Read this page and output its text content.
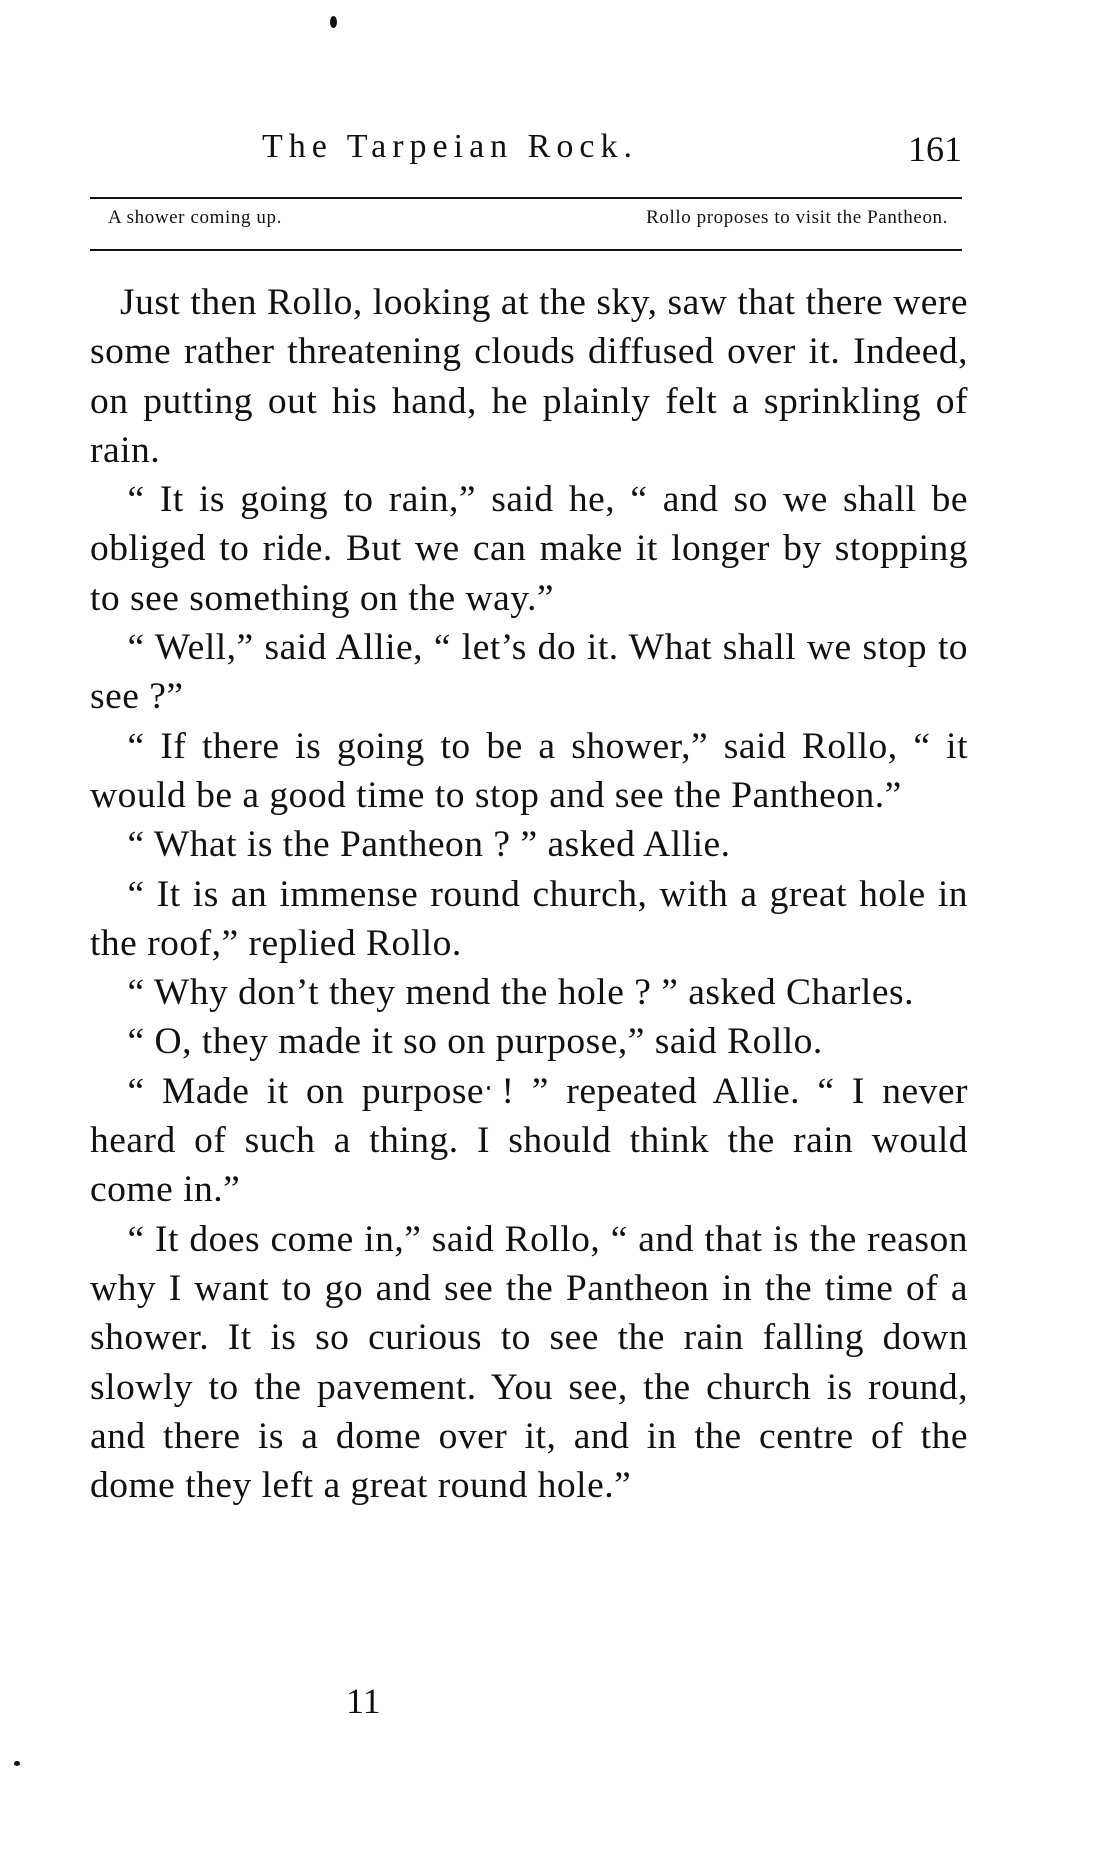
The Tarpeian Rock.	161
A shower coming up.	Rollo proposes to visit the Pantheon.

Just then Rollo, looking at the sky, saw that there were some rather threatening clouds diffused over it. Indeed, on putting out his hand, he plainly felt a sprinkling of rain.

“ It is going to rain,” said he, “ and so we shall be obliged to ride. But we can make it longer by stopping to see something on the way.”

“ Well,” said Allie, “ let’s do it. What shall we stop to see ?”

“ If there is going to be a shower,” said Rollo, “ it would be a good time to stop and see the Pantheon.”

“ What is the Pantheon ? ” asked Allie.

“ It is an immense round church, with a great hole in the roof,” replied Rollo.

“ Why don’t they mend the hole ? ” asked Charles.

“ O, they made it so on purpose,” said Rollo.

“ Made it on purpose ! ” repeated Allie. “ I never heard of such a thing. I should think the rain would come in.”

“ It does come in,” said Rollo, “ and that is the reason why I want to go and see the Pantheon in the time of a shower. It is so curious to see the rain falling down slowly to the pavement. You see, the church is round, and there is a dome over it, and in the centre of the dome they left a great round hole.”

11
